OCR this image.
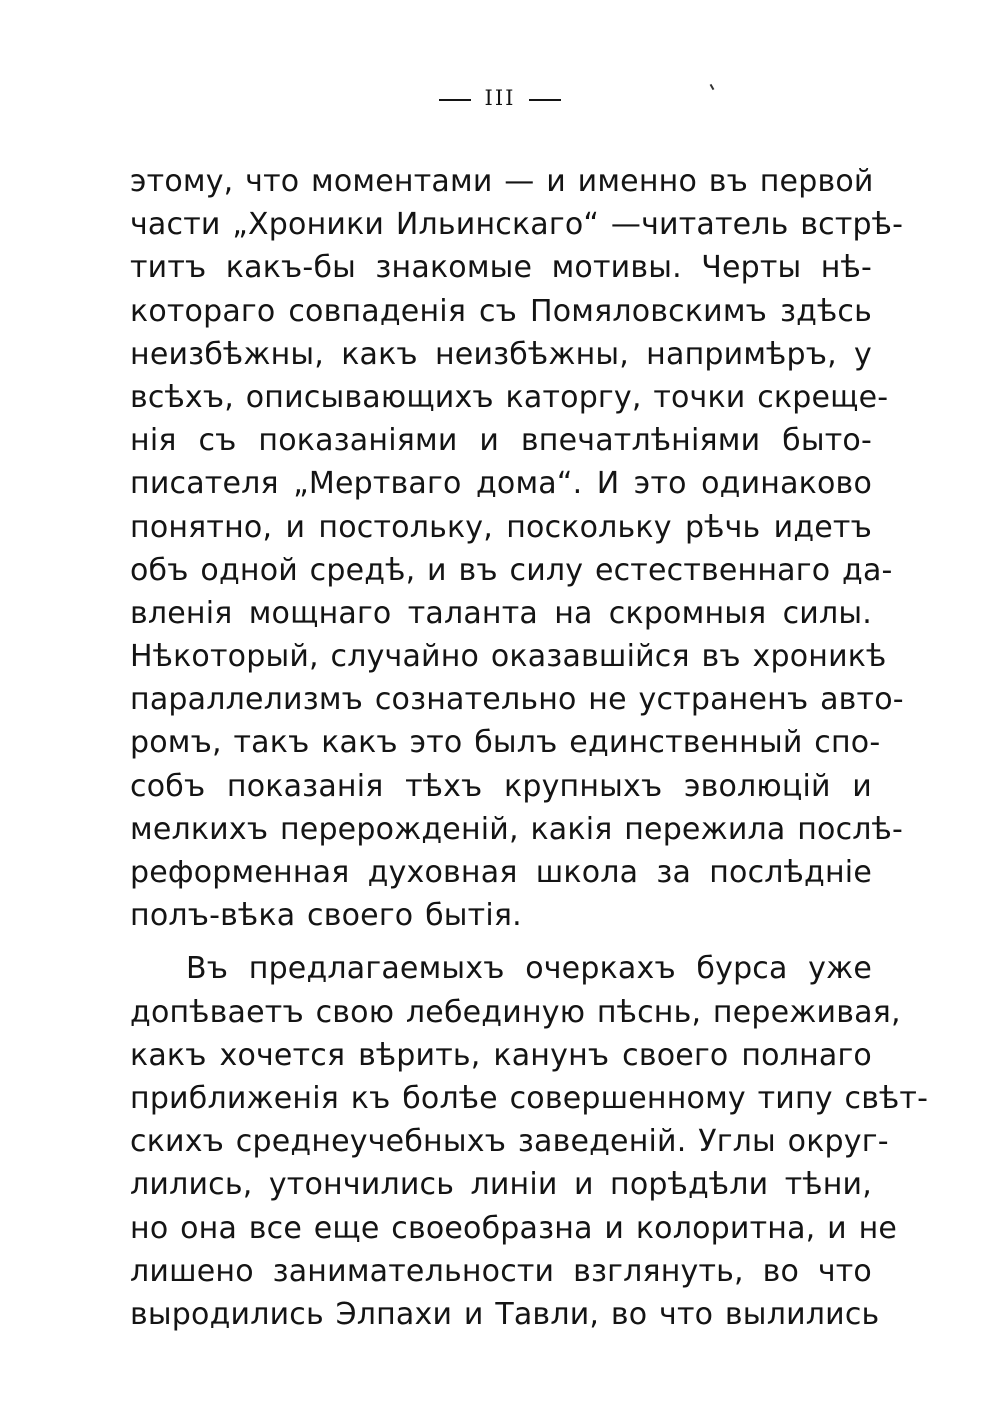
III
этому, что моментами — и именно въ первой
части „Хроники Ильинскаго“ —читатель встрѣ-
титъ какъ-бы знакомые мотивы. Черты нѣ-
котораго совпаденія съ Помяловскимъ здѣсь
неизбѣжны, какъ неизбѣжны, напримѣръ, у
всѣхъ, описывающихъ каторгу, точки скреще-
нія съ показаніями и впечатлѣніями быто-
писателя „Мертваго дома“. И это одинаково
понятно, и постольку, поскольку рѣчь идетъ
объ одной средѣ, и въ силу естественнаго да-
вленія мощнаго таланта на скромныя силы.
Нѣкоторый, случайно оказавшійся въ хроникѣ
параллелизмъ сознательно не устраненъ авто-
ромъ, такъ какъ это былъ единственный спо-
собъ показанія тѣхъ крупныхъ эволюцій и
мелкихъ перерожденій, какія пережила послѣ-
реформенная духовная школа за послѣдніе
полъ-вѣка своего бытія.
Въ предлагаемыхъ очеркахъ бурса уже
допѣваетъ свою лебединую пѣснь, переживая,
какъ хочется вѣрить, канунъ своего полнаго
приближенія къ болѣе совершенному типу свѣт-
скихъ среднеучебныхъ заведеній. Углы округ-
лились, утончились линіи и порѣдѣли тѣни,
но она все еще своеобразна и колоритна, и не
лишено занимательности взглянуть, во что
выродились Элпахи и Тавли, во что вылились
